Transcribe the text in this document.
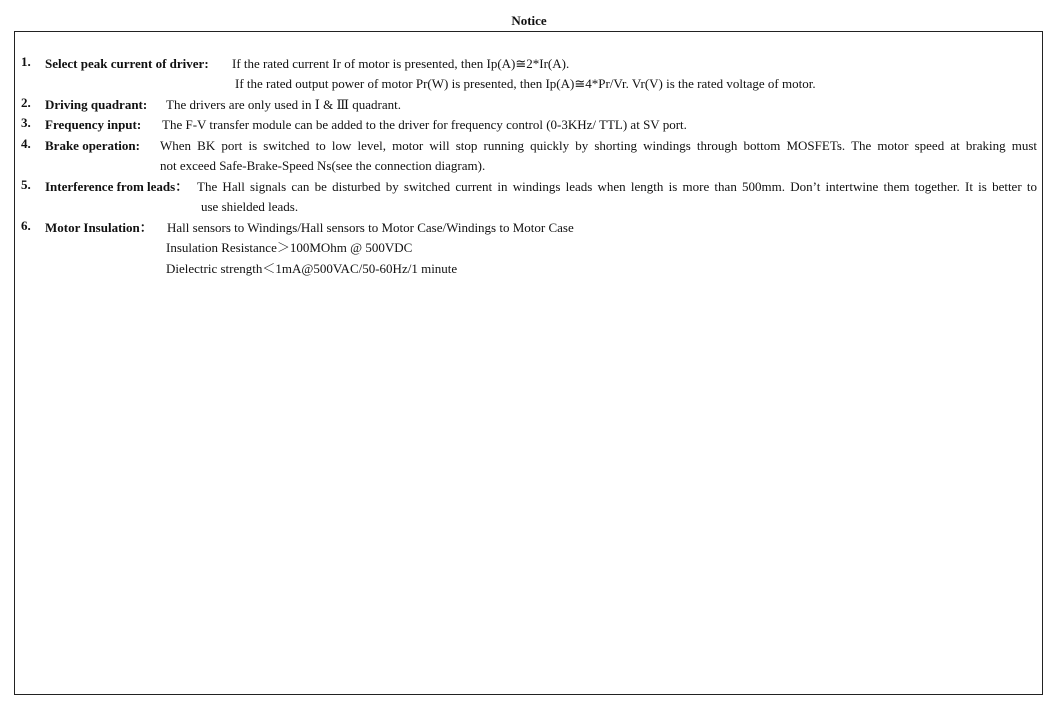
Notice
1. Select peak current of driver: If the rated current Ir of motor is presented, then Ip(A)≅2*Ir(A).
If the rated output power of motor Pr(W) is presented, then Ip(A)≅4*Pr/Vr. Vr(V) is the rated voltage of motor.
2. Driving quadrant: The drivers are only used in Ⅰ & Ⅲ quadrant.
3. Frequency input: The F-V transfer module can be added to the driver for frequency control (0-3KHz/ TTL) at SV port.
4. Brake operation: When BK port is switched to low level, motor will stop running quickly by shorting windings through bottom MOSFETs. The motor speed at braking must
not exceed Safe-Brake-Speed Ns(see the connection diagram).
5. Interference from leads： The Hall signals can be disturbed by switched current in windings leads when length is more than 500mm. Don’t intertwine them together. It is better to
use shielded leads.
6. Motor Insulation： Hall sensors to Windings/Hall sensors to Motor Case/Windings to Motor Case
Insulation Resistance＞100MOhm @ 500VDC
Dielectric strength＜1mA@500VAC/50-60Hz/1 minute
